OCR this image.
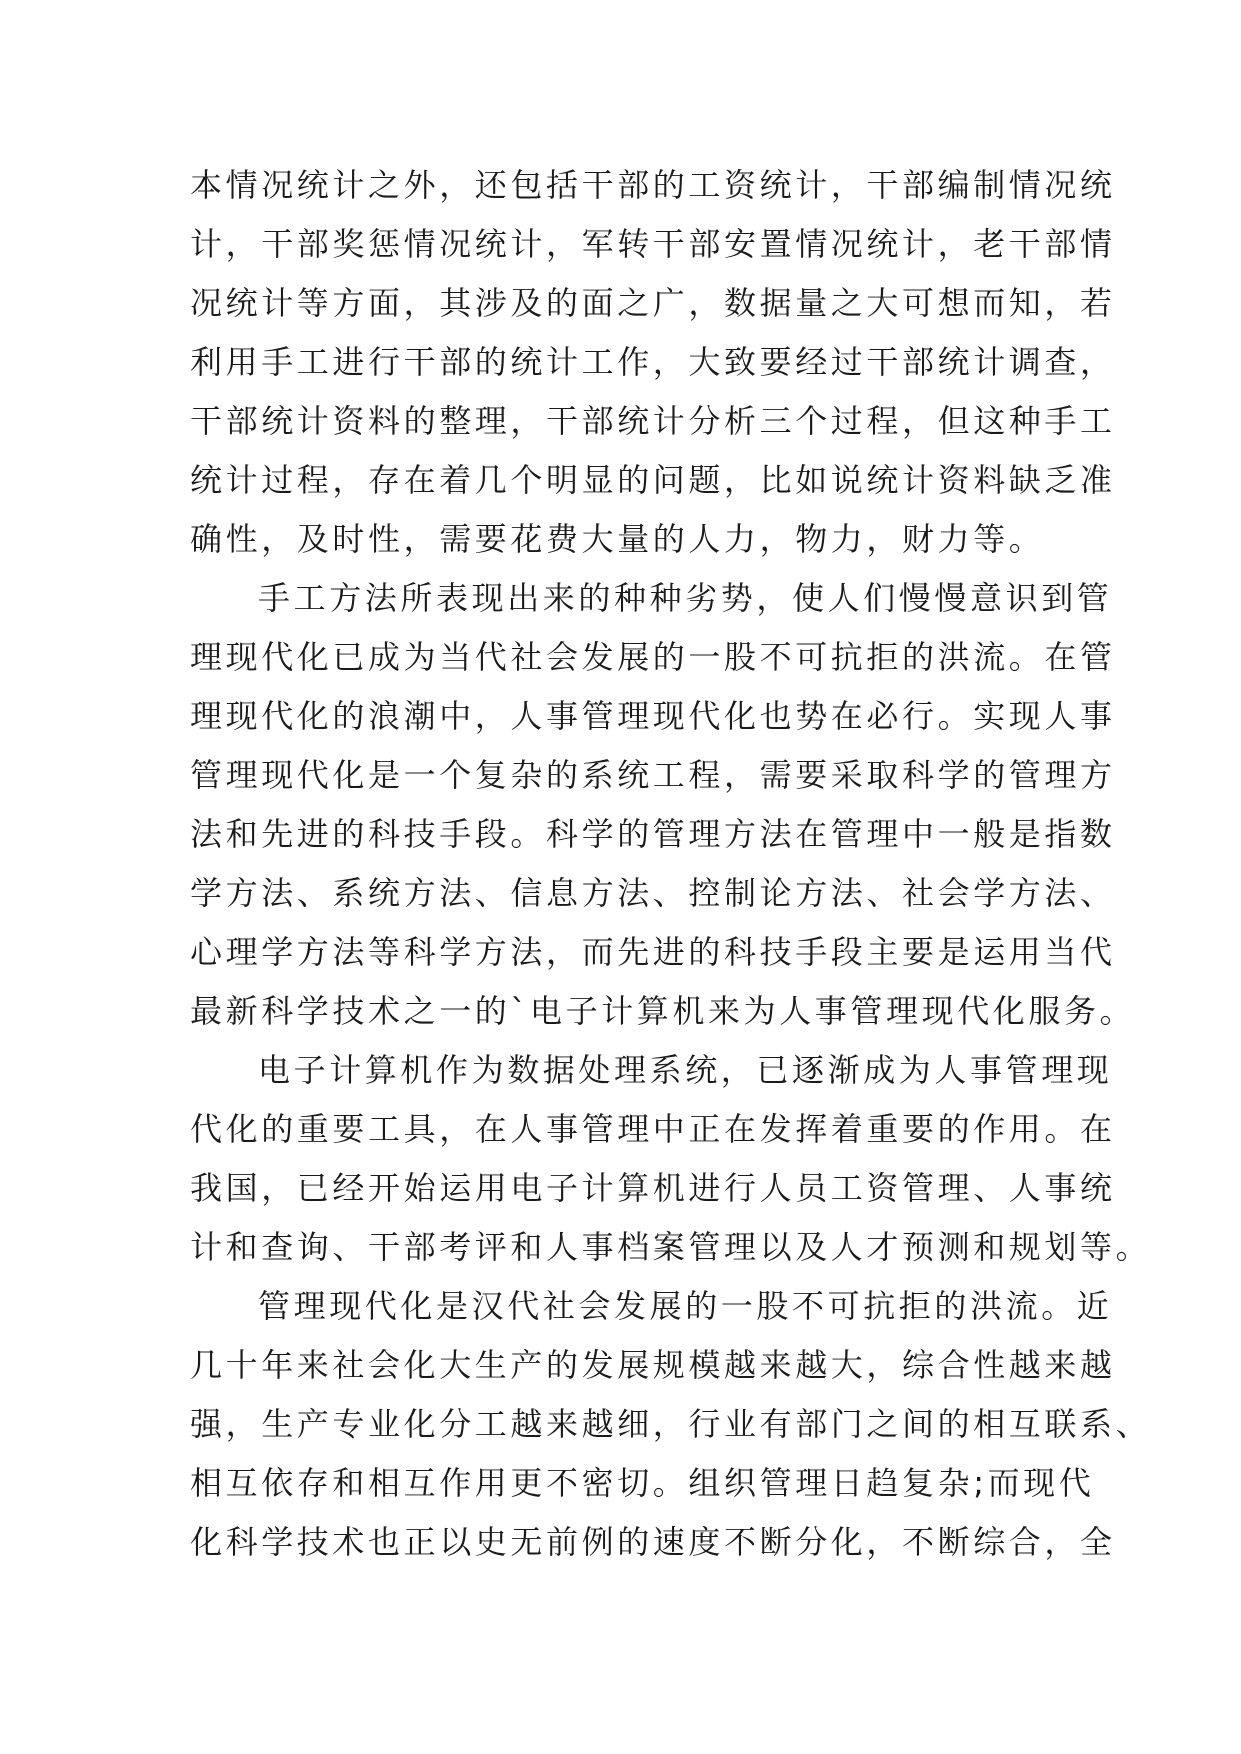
本情况统计之外，还包括干部的工资统计，干部编制情况统
计，干部奖惩情况统计，军转干部安置情况统计，老干部情
况统计等方面，其涉及的面之广，数据量之大可想而知，若
利用手工进行干部的统计工作，大致要经过干部统计调查，
干部统计资料的整理，干部统计分析三个过程，但这种手工
统计过程，存在着几个明显的问题，比如说统计资料缺乏准
确性，及时性，需要花费大量的人力，物力，财力等。
手工方法所表现出来的种种劣势，使人们慢慢意识到管
理现代化已成为当代社会发展的一股不可抗拒的洪流。在管
理现代化的浪潮中，人事管理现代化也势在必行。实现人事
管理现代化是一个复杂的系统工程，需要采取科学的管理方
法和先进的科技手段。科学的管理方法在管理中一般是指数
学方法、系统方法、信息方法、控制论方法、社会学方法、
心理学方法等科学方法，而先进的科技手段主要是运用当代
最新科学技术之一的`电子计算机来为人事管理现代化服务。
电子计算机作为数据处理系统，已逐渐成为人事管理现
代化的重要工具，在人事管理中正在发挥着重要的作用。在
我国，已经开始运用电子计算机进行人员工资管理、人事统
计和查询、干部考评和人事档案管理以及人才预测和规划等。
管理现代化是汉代社会发展的一股不可抗拒的洪流。近
几十年来社会化大生产的发展规模越来越大，综合性越来越
强，生产专业化分工越来越细，行业有部门之间的相互联系、
相互依存和相互作用更不密切。组织管理日趋复杂;而现代
化科学技术也正以史无前例的速度不断分化，不断综合，全
